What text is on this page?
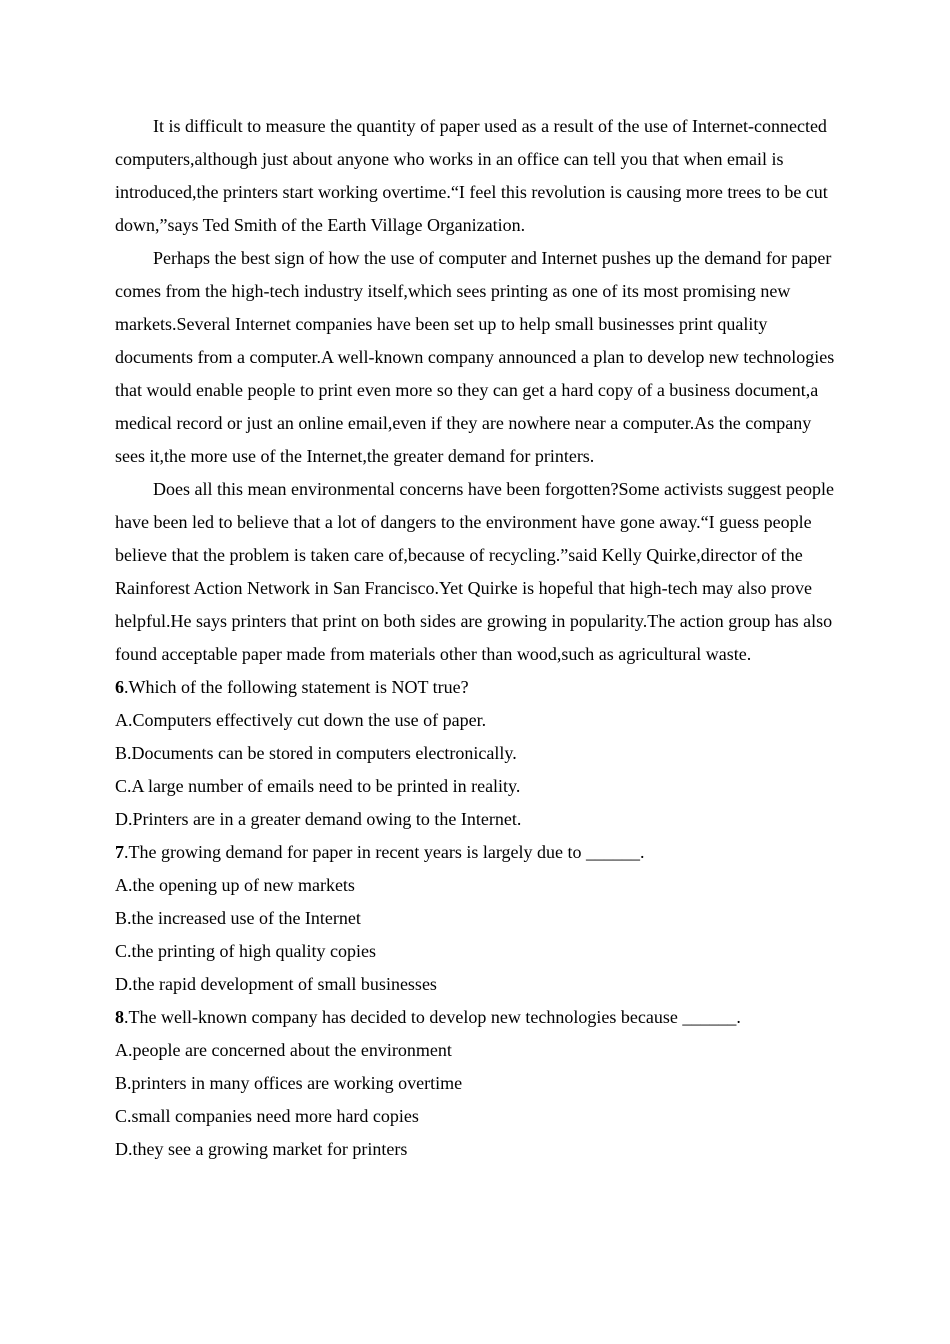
It is difficult to measure the quantity of paper used as a result of the use of Internet-connected computers,although just about anyone who works in an office can tell you that when email is introduced,the printers start working overtime.“I feel this revolution is causing more trees to be cut down,”says Ted Smith of the Earth Village Organization.

Perhaps the best sign of how the use of computer and Internet pushes up the demand for paper comes from the high-tech industry itself,which sees printing as one of its most promising new markets.Several Internet companies have been set up to help small businesses print quality documents from a computer.A well-known company announced a plan to develop new technologies that would enable people to print even more so they can get a hard copy of a business document,a medical record or just an online email,even if they are nowhere near a computer.As the company sees it,the more use of the Internet,the greater demand for printers.

Does all this mean environmental concerns have been forgotten?Some activists suggest people have been led to believe that a lot of dangers to the environment have gone away.“I guess people believe that the problem is taken care of,because of recycling.”said Kelly Quirke,director of the Rainforest Action Network in San Francisco.Yet Quirke is hopeful that high-tech may also prove helpful.He says printers that print on both sides are growing in popularity.The action group has also found acceptable paper made from materials other than wood,such as agricultural waste.

6.Which of the following statement is NOT true?

A.Computers effectively cut down the use of paper.

B.Documents can be stored in computers electronically.

C.A large number of emails need to be printed in reality.

D.Printers are in a greater demand owing to the Internet.

7.The growing demand for paper in recent years is largely due to ______.

A.the opening up of new markets

B.the increased use of the Internet

C.the printing of high quality copies

D.the rapid development of small businesses

8.The well-known company has decided to develop new technologies because ______.

A.people are concerned about the environment

B.printers in many offices are working overtime

C.small companies need more hard copies

D.they see a growing market for printers
